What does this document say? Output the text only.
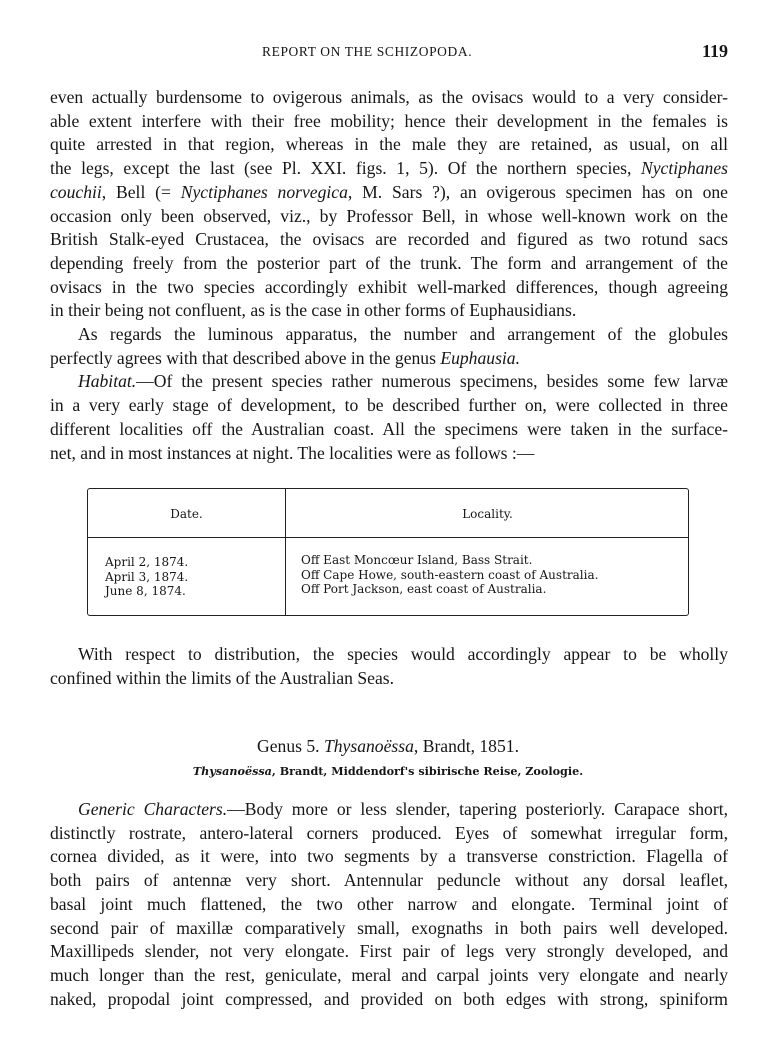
REPORT ON THE SCHIZOPODA.	119

even actually burdensome to ovigerous animals, as the ovisacs would to a very consider-
able extent interfere with their free mobility; hence their development in the females is
quite arrested in that region, whereas in the male they are retained, as usual, on all
the legs, except the last (see Pl. XXI. figs. 1, 5). Of the northern species, Nyctiphanes
couchii, Bell (= Nyctiphanes norvegica, M. Sars ?), an ovigerous specimen has on one
occasion only been observed, viz., by Professor Bell, in whose well-known work on the
British Stalk-eyed Crustacea, the ovisacs are recorded and figured as two rotund sacs
depending freely from the posterior part of the trunk. The form and arrangement of the
ovisacs in the two species accordingly exhibit well-marked differences, though agreeing
in their being not confluent, as is the case in other forms of Euphausidians.

As regards the luminous apparatus, the number and arrangement of the globules
perfectly agrees with that described above in the genus Euphausia.

Habitat.—Of the present species rather numerous specimens, besides some few larvæ
in a very early stage of development, to be described further on, were collected in three
different localities off the Australian coast. All the specimens were taken in the surface-
net, and in most instances at night. The localities were as follows :—

Date.	Locality.
April 2, 1874.
April 3, 1874.
June 8, 1874.
Off East Moncœur Island, Bass Strait.
Off Cape Howe, south-eastern coast of Australia.
Off Port Jackson, east coast of Australia.

With respect to distribution, the species would accordingly appear to be wholly
confined within the limits of the Australian Seas.

Genus 5. Thysanoëssa, Brandt, 1851.
Thysanoëssa, Brandt, Middendorf's sibirische Reise, Zoologie.

Generic Characters.—Body more or less slender, tapering posteriorly. Carapace short,
distinctly rostrate, antero-lateral corners produced. Eyes of somewhat irregular form,
cornea divided, as it were, into two segments by a transverse constriction. Flagella of
both pairs of antennæ very short. Antennular peduncle without any dorsal leaflet,
basal joint much flattened, the two other narrow and elongate. Terminal joint of
second pair of maxillæ comparatively small, exognaths in both pairs well developed.
Maxillipeds slender, not very elongate. First pair of legs very strongly developed, and
much longer than the rest, geniculate, meral and carpal joints very elongate and nearly
naked, propodal joint compressed, and provided on both edges with strong, spiniform
